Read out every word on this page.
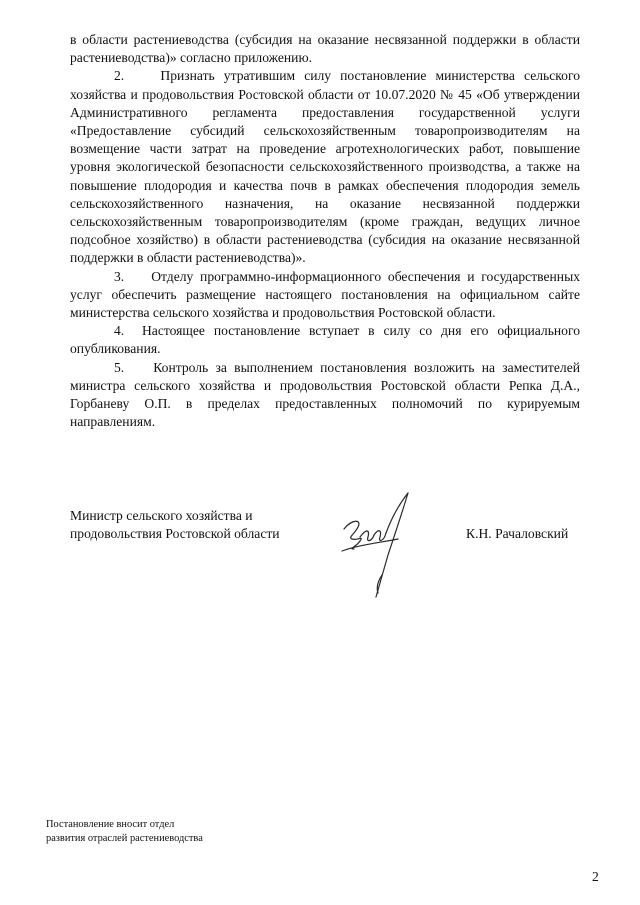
в области растениеводства (субсидия на оказание несвязанной поддержки в области растениеводства)» согласно приложению.

2.    Признать утратившим силу постановление министерства сельского хозяйства и продовольствия Ростовской области от 10.07.2020 № 45 «Об утверждении Административного регламента предоставления государственной услуги «Предоставление субсидий сельскохозяйственным товаропроизводителям на возмещение части затрат на проведение агротехнологических работ, повышение уровня экологической безопасности сельскохозяйственного производства, а также на повышение плодородия и качества почв в рамках обеспечения плодородия земель сельскохозяйственного назначения, на оказание несвязанной поддержки сельскохозяйственным товаропроизводителям (кроме граждан, ведущих личное подсобное хозяйство) в области растениеводства (субсидия на оказание несвязанной поддержки в области растениеводства)».

3.    Отделу программно-информационного обеспечения и государственных услуг обеспечить размещение настоящего постановления на официальном сайте министерства сельского хозяйства и продовольствия Ростовской области.

4.  Настоящее постановление вступает в силу со дня его официального опубликования.

5.    Контроль за выполнением постановления возложить на заместителей министра сельского хозяйства и продовольствия Ростовской области Репка Д.А., Горбаневу О.П. в пределах предоставленных полномочий по курируемым направлениям.

Министр сельского хозяйства и
продовольствия Ростовской области	К.Н. Рачаловский
Постановление вносит отдел
развития отраслей растениеводства
2
